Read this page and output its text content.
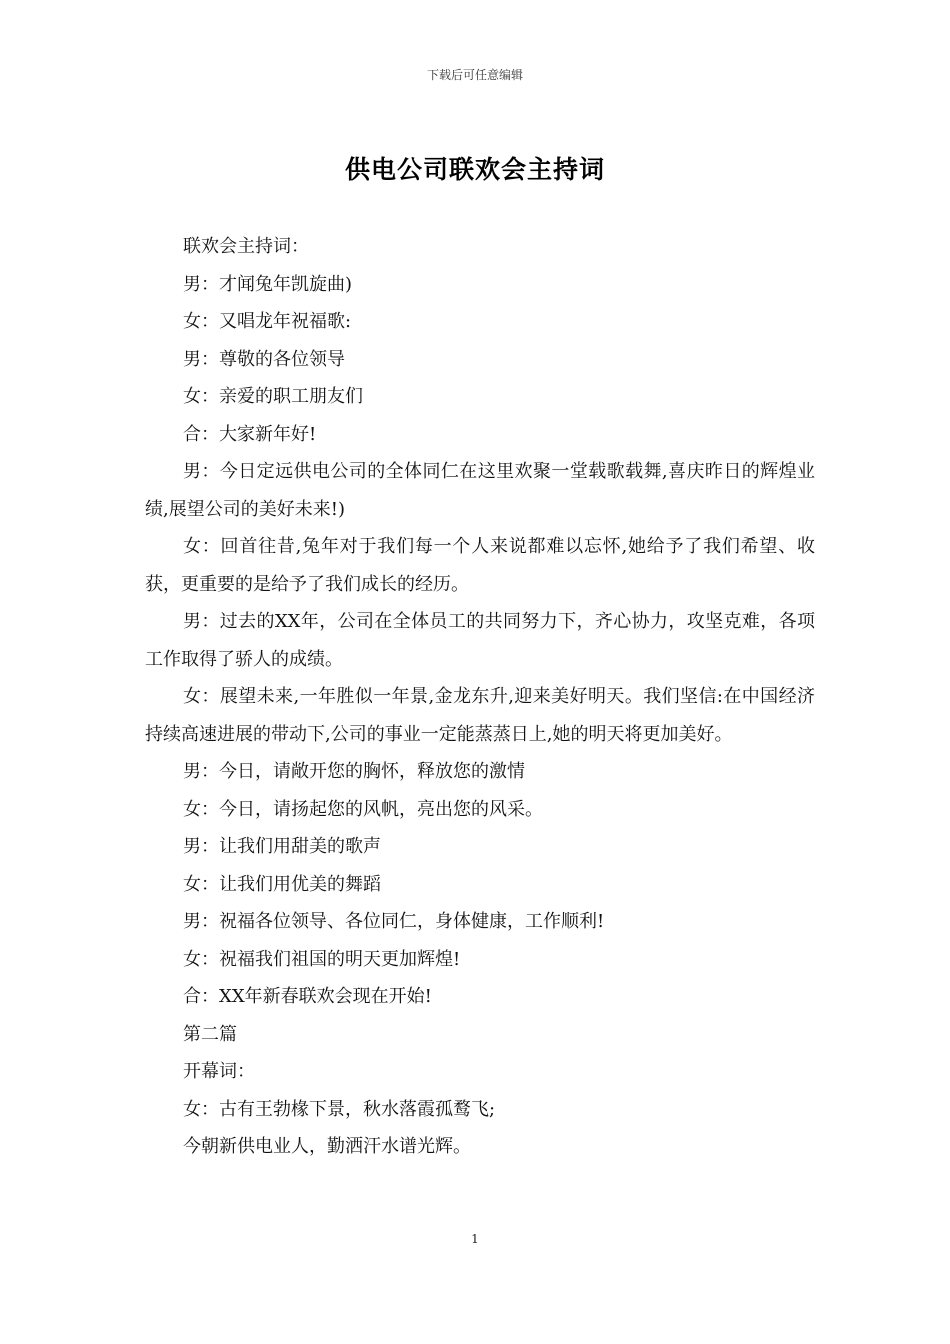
下载后可任意编辑
供电公司联欢会主持词

联欢会主持词：

男：才闻兔年凯旋曲)

女：又唱龙年祝福歌:

男：尊敬的各位领导

女：亲爱的职工朋友们

合：大家新年好!

男：今日定远供电公司的全体同仁在这里欢聚一堂载歌载舞,喜庆昨日的辉煌业绩,展望公司的美好未来!)

女：回首往昔,兔年对于我们每一个人来说都难以忘怀,她给予了我们希望、收获，更重要的是给予了我们成长的经历。

男：过去的XX年，公司在全体员工的共同努力下，齐心协力，攻坚克难，各项工作取得了骄人的成绩。

女：展望未来,一年胜似一年景,金龙东升,迎来美好明天。我们坚信:在中国经济持续高速进展的带动下,公司的事业一定能蒸蒸日上,她的明天将更加美好。

男：今日，请敞开您的胸怀，释放您的激情

女：今日，请扬起您的风帆，亮出您的风采。

男：让我们用甜美的歌声

女：让我们用优美的舞蹈

男：祝福各位领导、各位同仁，身体健康，工作顺利!

女：祝福我们祖国的明天更加辉煌!

合：XX年新春联欢会现在开始!

第二篇

开幕词：

女：古有王勃椽下景，秋水落霞孤鹜飞;

今朝新供电业人，勤洒汗水谱光辉。

1
